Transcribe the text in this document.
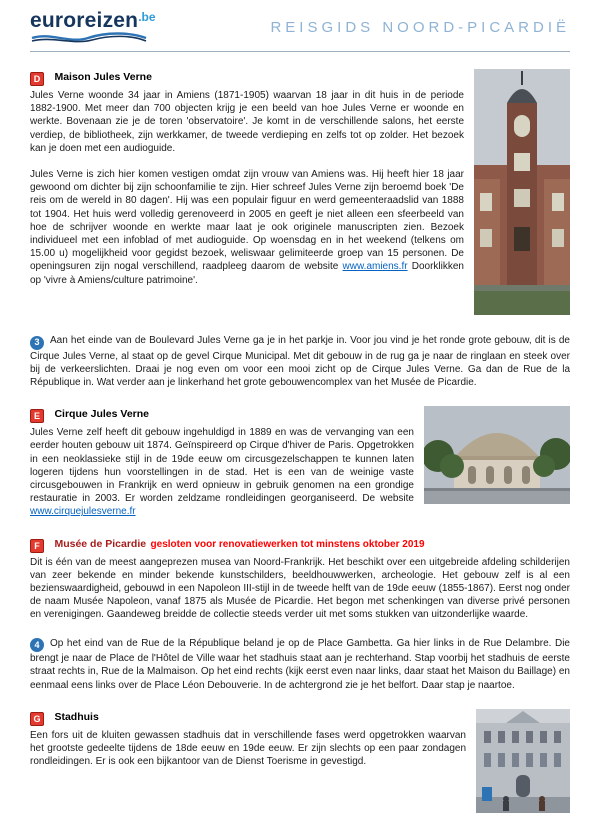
euroreizen$^{.be}$
REISGIDS NOORD-PICARDIË
D Maison Jules Verne

Jules Verne woonde 34 jaar in Amiens (1871-1905) waarvan 18 jaar in dit huis in de periode 1882-1900. Met meer dan 700 objecten krijg je een beeld van hoe Jules Verne er woonde en werkte. Bovenaan zie je de toren 'observatoire'. Je komt in de verschillende salons, het eerste verdiep, de bibliotheek, zijn werkkamer, de tweede verdieping en zelfs tot op zolder. Het bezoek kan je doen met een audioguide.

Jules Verne is zich hier komen vestigen omdat zijn vrouw van Amiens was. Hij heeft hier 18 jaar gewoond om dichter bij zijn schoonfamilie te zijn. Hier schreef Jules Verne zijn beroemd boek 'De reis om de wereld in 80 dagen'. Hij was een populair figuur en werd gemeenteraadslid van 1888 tot 1904. Het huis werd volledig gerenoveerd in 2005 en geeft je niet alleen een sfeerbeeld van hoe de schrijver woonde en werkte maar laat je ook originele manuscripten zien. Bezoek individueel met een infoblad of met audioguide. Op woensdag en in het weekend (telkens om 15.00 u) mogelijkheid voor gegidst bezoek, weliswaar gelimiteerde groep van 15 personen. De openingsuren zijn nogal verschillend, raadpleeg daarom de website www.amiens.fr Doorklikken op 'vivre à Amiens/culture patrimoine'.

3 Aan het einde van de Boulevard Jules Verne ga je in het parkje in. Voor jou vind je het ronde grote gebouw, dit is de Cirque Jules Verne, al staat op de gevel Cirque Municipal. Met dit gebouw in de rug ga je naar de ringlaan en steek over bij de verkeerslichten. Draai je nog even om voor een mooi zicht op de Cirque Jules Verne. Ga dan de Rue de la République in. Wat verder aan je linkerhand het grote gebouwencomplex van het Musée de Picardie.

E Cirque Jules Verne

Jules Verne zelf heeft dit gebouw ingehuldigd in 1889 en was de vervanging van een eerder houten gebouw uit 1874. Geïnspireerd op Cirque d'hiver de Paris. Opgetrokken in een neoklassieke stijl in de 19de eeuw om circusgezelschappen te kunnen laten logeren tijdens hun voorstellingen in de stad. Het is een van de weinige vaste circusgebouwen in Frankrijk en werd opnieuw in gebruik genomen na een grondige restauratie in 2003. Er worden zeldzame rondleidingen georganiseerd. De website www.cirquejulesverne.fr

F Musée de Picardie gesloten voor renovatiewerken tot minstens oktober 2019

Dit is één van de meest aangeprezen musea van Noord-Frankrijk. Het beschikt over een uitgebreide afdeling schilderijen van zeer bekende en minder bekende kunstschilders, beeldhouwwerken, archeologie. Het gebouw zelf is al een bezienswaardigheid, gebouwd in een Napoleon III-stijl in de tweede helft van de 19de eeuw (1855-1867). Eerst nog onder de naam Musée Napoleon, vanaf 1875 als Musée de Picardie. Het begon met schenkingen van diverse privé personen en verenigingen. Gaandeweg breidde de collectie steeds verder uit met soms stukken van uitzonderlijke waarde.

4 Op het eind van de Rue de la République beland je op de Place Gambetta. Ga hier links in de Rue Delambre. Die brengt je naar de Place de l'Hôtel de Ville waar het stadhuis staat aan je rechterhand. Stap voorbij het stadhuis de eerste straat rechts in, Rue de la Malmaison. Op het eind rechts (kijk eerst even naar links, daar staat het Maison du Baillage) en eenmaal eens links over de Place Léon Debouverie. In de achtergrond zie je het belfort. Daar stap je naartoe.

G Stadhuis

Een fors uit de kluiten gewassen stadhuis dat in verschillende fases werd opgetrokken waarvan het grootste gedeelte tijdens de 18de eeuw en 19de eeuw. Er zijn slechts op een paar zondagen rondleidingen. Er is ook een bijkantoor van de Dienst Toerisme in gevestigd.
